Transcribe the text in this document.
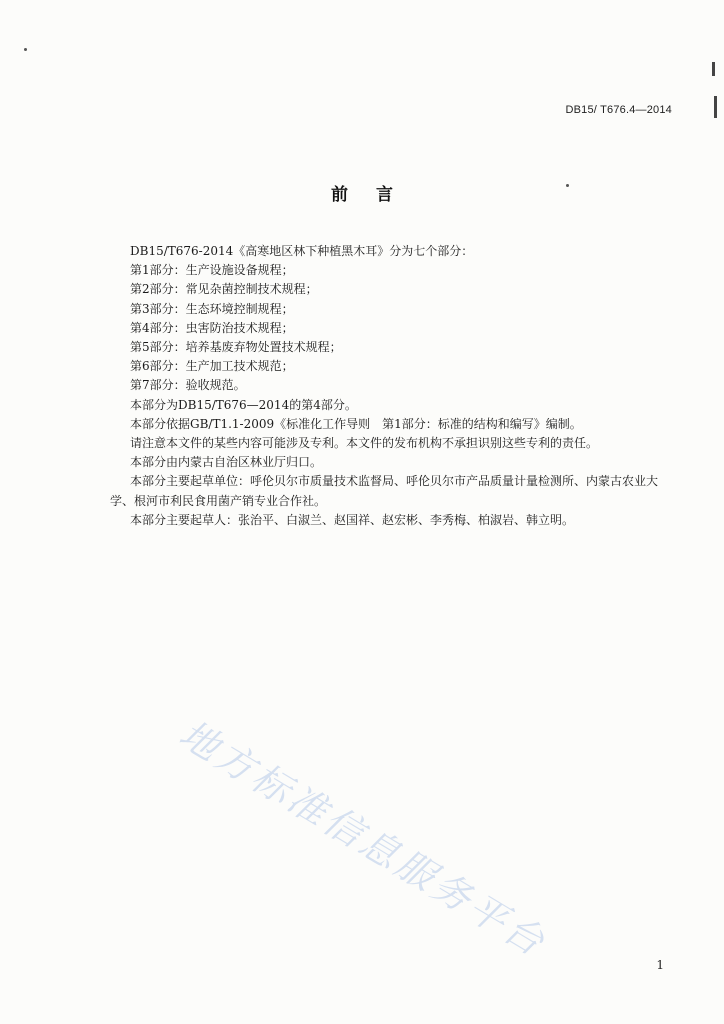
DB15/ T676.4—2014
前 言

DB15/T676-2014《高寒地区林下种植黑木耳》分为七个部分：

第1部分：生产设施设备规程；

第2部分：常见杂菌控制技术规程；

第3部分：生态环境控制规程；

第4部分：虫害防治技术规程；

第5部分：培养基废弃物处置技术规程；

第6部分：生产加工技术规范；

第7部分：验收规范。

本部分为DB15/T676—2014的第4部分。

本部分依据GB/T1.1-2009《标准化工作导则　第1部分：标准的结构和编写》编制。

请注意本文件的某些内容可能涉及专利。本文件的发布机构不承担识别这些专利的责任。

本部分由内蒙古自治区林业厅归口。

本部分主要起草单位：呼伦贝尔市质量技术监督局、呼伦贝尔市产品质量计量检测所、内蒙古农业大学、根河市利民食用菌产销专业合作社。

本部分主要起草人：张治平、白淑兰、赵国祥、赵宏彬、李秀梅、柏淑岩、韩立明。

地方标准信息服务平台	1
